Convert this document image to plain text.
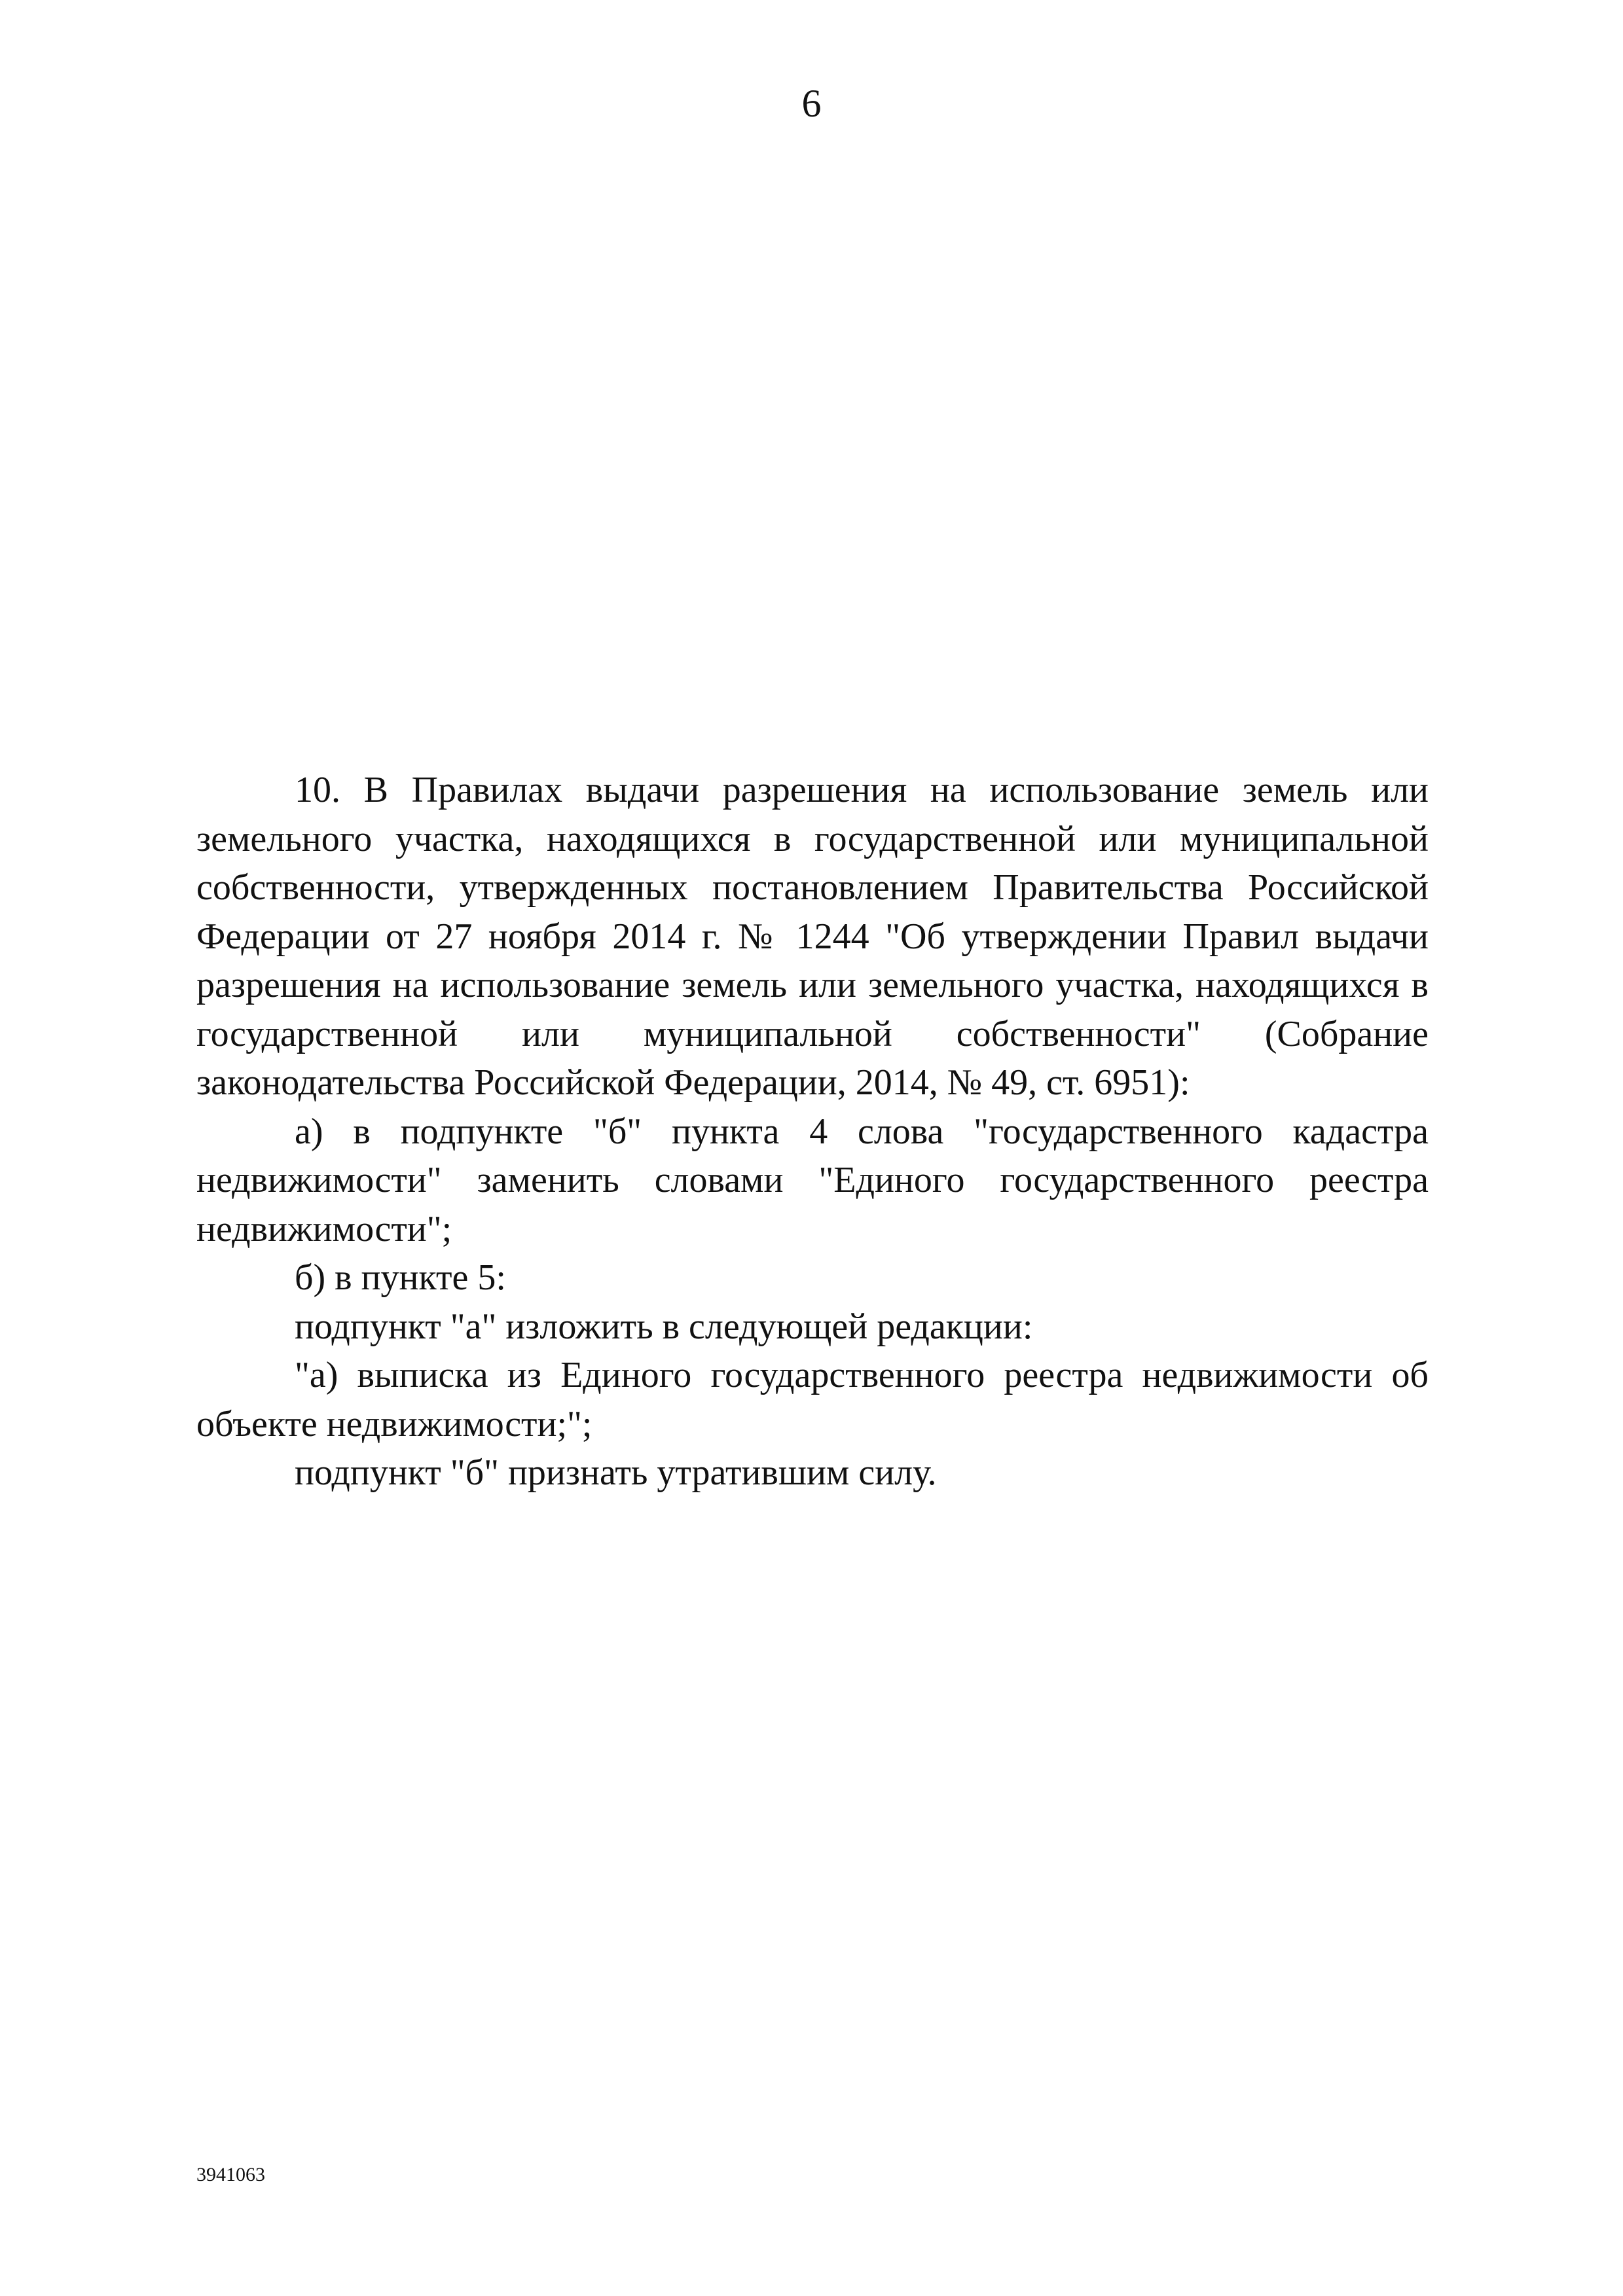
6

10. В Правилах выдачи разрешения на использование земель или земельного участка, находящихся в государственной или муниципальной собственности, утвержденных постановлением Правительства Российской Федерации от 27 ноября 2014 г. № 1244 "Об утверждении Правил выдачи разрешения на использование земель или земельного участка, находящихся в государственной или муниципальной собственности" (Собрание законодательства Российской Федерации, 2014, № 49, ст. 6951):

а) в подпункте "б" пункта 4 слова "государственного кадастра недвижимости" заменить словами "Единого государственного реестра недвижимости";

б) в пункте 5:

подпункт "а" изложить в следующей редакции:

"а) выписка из Единого государственного реестра недвижимости об объекте недвижимости;";

подпункт "б" признать утратившим силу.

3941063
